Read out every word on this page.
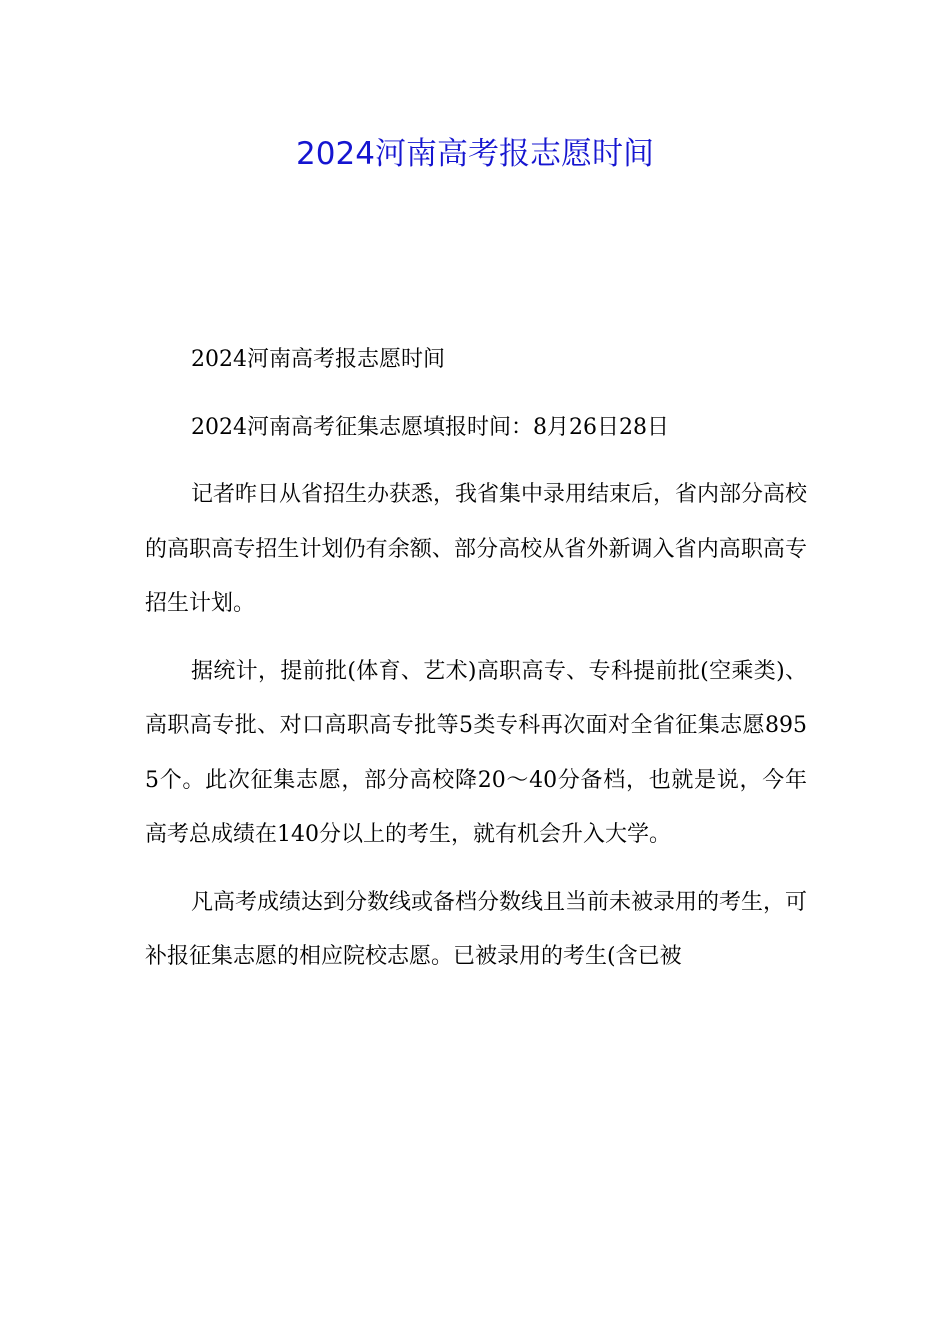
2024河南高考报志愿时间

2024河南高考报志愿时间

2024河南高考征集志愿填报时间：8月26日28日

记者昨日从省招生办获悉，我省集中录用结束后，省内部分高校的高职高专招生计划仍有余额、部分高校从省外新调入省内高职高专招生计划。

据统计，提前批(体育、艺术)高职高专、专科提前批(空乘类)、高职高专批、对口高职高专批等5类专科再次面对全省征集志愿8955个。此次征集志愿，部分高校降20～40分备档，也就是说，今年高考总成绩在140分以上的考生，就有机会升入大学。

凡高考成绩达到分数线或备档分数线且当前未被录用的考生，可补报征集志愿的相应院校志愿。已被录用的考生(含已被
